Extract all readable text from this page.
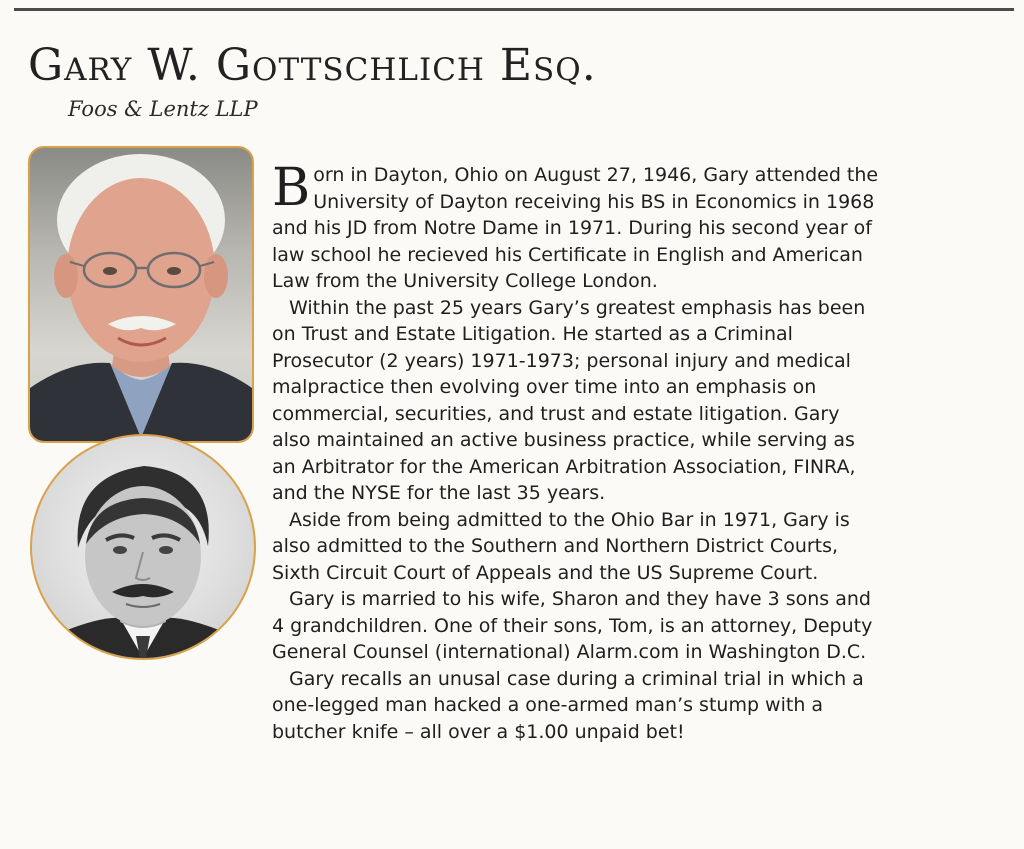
Gary W. Gottschlich Esq.
Foos & Lentz LLP

B orn in Dayton, Ohio on August 27, 1946, Gary attended the
University of Dayton receiving his BS in Economics in 1968
and his JD from Notre Dame in 1971. During his second year of
law school he recieved his Certificate in English and American
Law from the University College London.

Within the past 25 years Gary’s greatest emphasis has been
on Trust and Estate Litigation. He started as a Criminal
Prosecutor (2 years) 1971-1973; personal injury and medical
malpractice then evolving over time into an emphasis on
commercial, securities, and trust and estate litigation. Gary
also maintained an active business practice, while serving as
an Arbitrator for the American Arbitration Association, FINRA,
and the NYSE for the last 35 years.

Aside from being admitted to the Ohio Bar in 1971, Gary is
also admitted to the Southern and Northern District Courts,
Sixth Circuit Court of Appeals and the US Supreme Court.

Gary is married to his wife, Sharon and they have 3 sons and
4 grandchildren. One of their sons, Tom, is an attorney, Deputy
General Counsel (international) Alarm.com in Washington D.C.

Gary recalls an unusal case during a criminal trial in which a
one-legged man hacked a one-armed man’s stump with a
butcher knife – all over a $1.00 unpaid bet!
